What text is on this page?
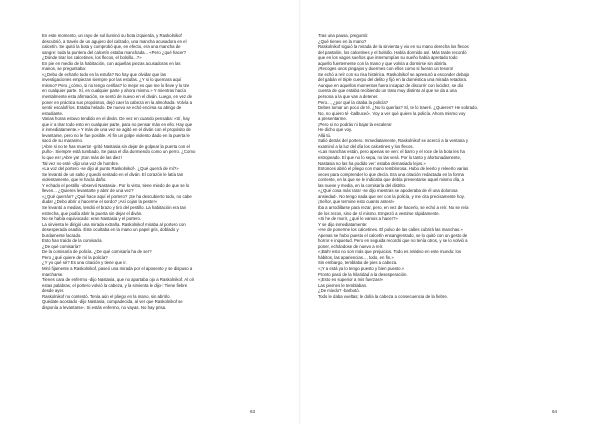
En este momento, un rayo de sol iluminó su bota izquierda, y Raskolnikof

descubrió, a través de un agujero del calzado, una mancha acusadora en el

calcetín. Se quitó la bota y comprobó que, en efecto, era una mancha de

sangre: toda la puntera del calcetín estaba manchada... «Pero ¿qué hacer?

¿Dónde tirar los calcetines, los flecos, el bolsillo...?»

En pie en medio de la habitación, con aquellas piezas acusadoras en las

manos, se preguntaba:

«¿Debo de echarlo todo en la estufa? No hay que olvidar que las

investigaciones empiezan siempre por las estufas. ¿Y si lo quemara aquí

mismo? Pero ¿cómo, si no tengo cerillas? lo mejor es que me lo lleve y lo tire

en cualquier parte. Sí, en cualquier parte y ahora mismo.» Y mientras hacía

mentalmente esta afirmación, se sentó de nuevo en el diván. Luego, en vez de

poner en práctica sus propósitos, dejó caer la cabeza en la almohada. Volvía a

sentir escalofríos. Estaba helado. De nuevo se echó encima su abrigo de

estudiante.

Varias horas estuvo tendido en el diván. De vez en cuando pensaba: «Sí, hay

que ir a tirar todo esto en cualquier parte, para no pensar más en ello. Hay que

ir inmediatamente.» Y más de una vez se agitó en el diván con el propósito de

levantarse, pero no le fue posible. Al fin un golpe violento dado en la puerta le

sacó de su marasmo.

¡Abre si no te has muerto! -gritó Nastasia sin dejar de golpear la puerta con el

puño-. Siempre está tumbado. Se pasa el día durmiendo como un perro. ¿Como

lo que es! ¡Abre ya! ¡Son más de las diez!

Tal vez no esté -dijo una voz de hombre.

«La voz del portero -se dijo al punto Raskolnikof-. ¿Qué querrá de mí?»

Se levantó de un salto y quedó sentado en el diván. El corazón le latía tan

violentamente, que le hacía daño.

Y echado el pestillo -observó Nastasia-. Por lo visto, tiene miedo de que se lo

lleven... ¿Quieres levantarte y abrir de una vez?

«¿Qué querrán? ¿Qué hace aquí el portero? ¡Se ha descubierto todo, no cabe

duda! ¿Debo abrir o hacerme el sordo? ¡Así cojan la peste!»

Se levantó a medias, tendió el brazo y tiró del pestillo. La habitación era tan

estrecha, que podía abrir la puerta sin dejar el diván.

No se había equivocado: eran Nastasia y el portero.

La sirvienta le dirigió una mirada extraña. Raskolnikof miraba al portero con

desesperada osadía. Éste ocultaba en la mano un papel gris, doblado y

burdamente lacrado.

Esto han traído de la comisaría.

¿De qué comisaría?

De la comisaría de policía. ¿De qué comisaría ha de ser?

Pero ¿qué quiere de mí la policía?

¿Y yo qué sé? Es una citación y tiene que ir.

Miró fijamente a Raskolnikof, paseó una mirada por el aposento y se dispuso a

marcharse.

Tienes cara de enfermo -dijo Nastasia, que no apartaba ojo a Raskolnikof. Al oír

estas palabras, el portero volvió la cabeza, y la sirvienta le dijo-: Tiene fiebre

desde ayer.

Raskolnikof no contestó. Tenía aún el pliego en la mano, sin abrirlo.

Quédate acostado -dijo Nastasia, compadecida, al ver que Raskolnikof se

disponía a levantarse-. Si estás enfermo, no vayas. No hay prisa.

63

Tras una pausa, preguntó:

¿Qué tienes en la mano?

Raskolnikof siguió la mirada de la sirvienta y vio en su mano derecha los flecos

del pantalón, los calcetines y el bolsillo. Había dormido así. Más tarde recordó

que en los vagos sueños que interrumpían su sueño había apretado todo

aquello fuertemente con la mano y que volvía a dormirse sin abrirla.

¡Recoges unos pingajos y duermes con ellos como si fueran un tesoro!

Se echó a reír con su risa histérica. Raskolnikof se apresuró a esconder debajo

del gabán el triple cuerpo del delito y fijó en la doméstica una mirada retadora.

Aunque en aquellos momentos fuera incapaz de discurrir con lucidez, se dio

cuenta de que estaba recibiendo un trato muy distinto al que se da a una

persona a la que van a detener.

Pero..., ¿por qué la citaba la policía?

Debes tomar un poco de té. ¿No lo querías? Sí, te lo traeré. ¿Quieres? He sobrado.

No, no quiero té -balbuceó-. Voy a ver qué quiere la policía. Ahora mismo voy

a presentarme.

¡Pero si no podrás ni bajar la escalera!

He dicho que voy.

Allá tú.

Salió detrás del portero. Inmediatamente, Raskolnikof se acercó a la ventana y

examinó a la luz del día los calcetines y los flecos.

«Las manchas están, pero apenas se ven: el barro y el roce de la bota les ha

estropeado. El que no lo sepa, no las verá. Por lo tanto y afortunadamente,

Nastasia no las ha podido ver: estaba demasiado lejos.»

Entonces abrió el pliego con mano temblorosa. Hubo de leerlo y releerlo varias

veces para comprender lo que decía. Era una citación redactada en la forma

corriente, en la que se le indicaba que debía presentarse aquel mismo día, a

las nueve y media, en la comisaría del distrito.

«¿Qué cosa más rara! -se dijo mientras se apoderaba de él una dolorosa

ansiedad-. No tengo nada que ver con la policía, y me cita precisamente hoy.

¡Señor, que termine esto cuanto antes!»

Iba a arrodillarse para rezar, pero, en vez de hacerlo, se echó a reír. No se reía

de los rezos, sino de sí mismo. Empezó a vestirse rápidamente.

«Si he de morir, ¿qué le vamos a hacer?»

Y se dijo inmediatamente:

«He de ponerme los calcetines. El polvo de las calles cubrirá las manchas.»

Apenas se hubo puesto el calcetín ensangrentado, se lo quitó con un gesto de

horror e inquietud. Pero en seguida recordó que no tenía otros, y se lo volvió a

poner, echándose de nuevo a reír.

«¡Bah! esto no son más que prejuicios. Todo es relativo en este mundo: los

hábitos, las apariencias..., todo, en fin.»

Sin embargo, temblaba de pies a cabeza.

«¡Y a está ya lo tengo puesto y bien puesto.»

Pronto pasó de la hilaridad a la desesperación.

«¡Esto es superior a mis fuerzas!»

Las piernes le temblaban.

¿De miedo? -barbotó.

Todo le daba vueltas; le dolía la cabeza a consecuencia de la fiebre.

64
